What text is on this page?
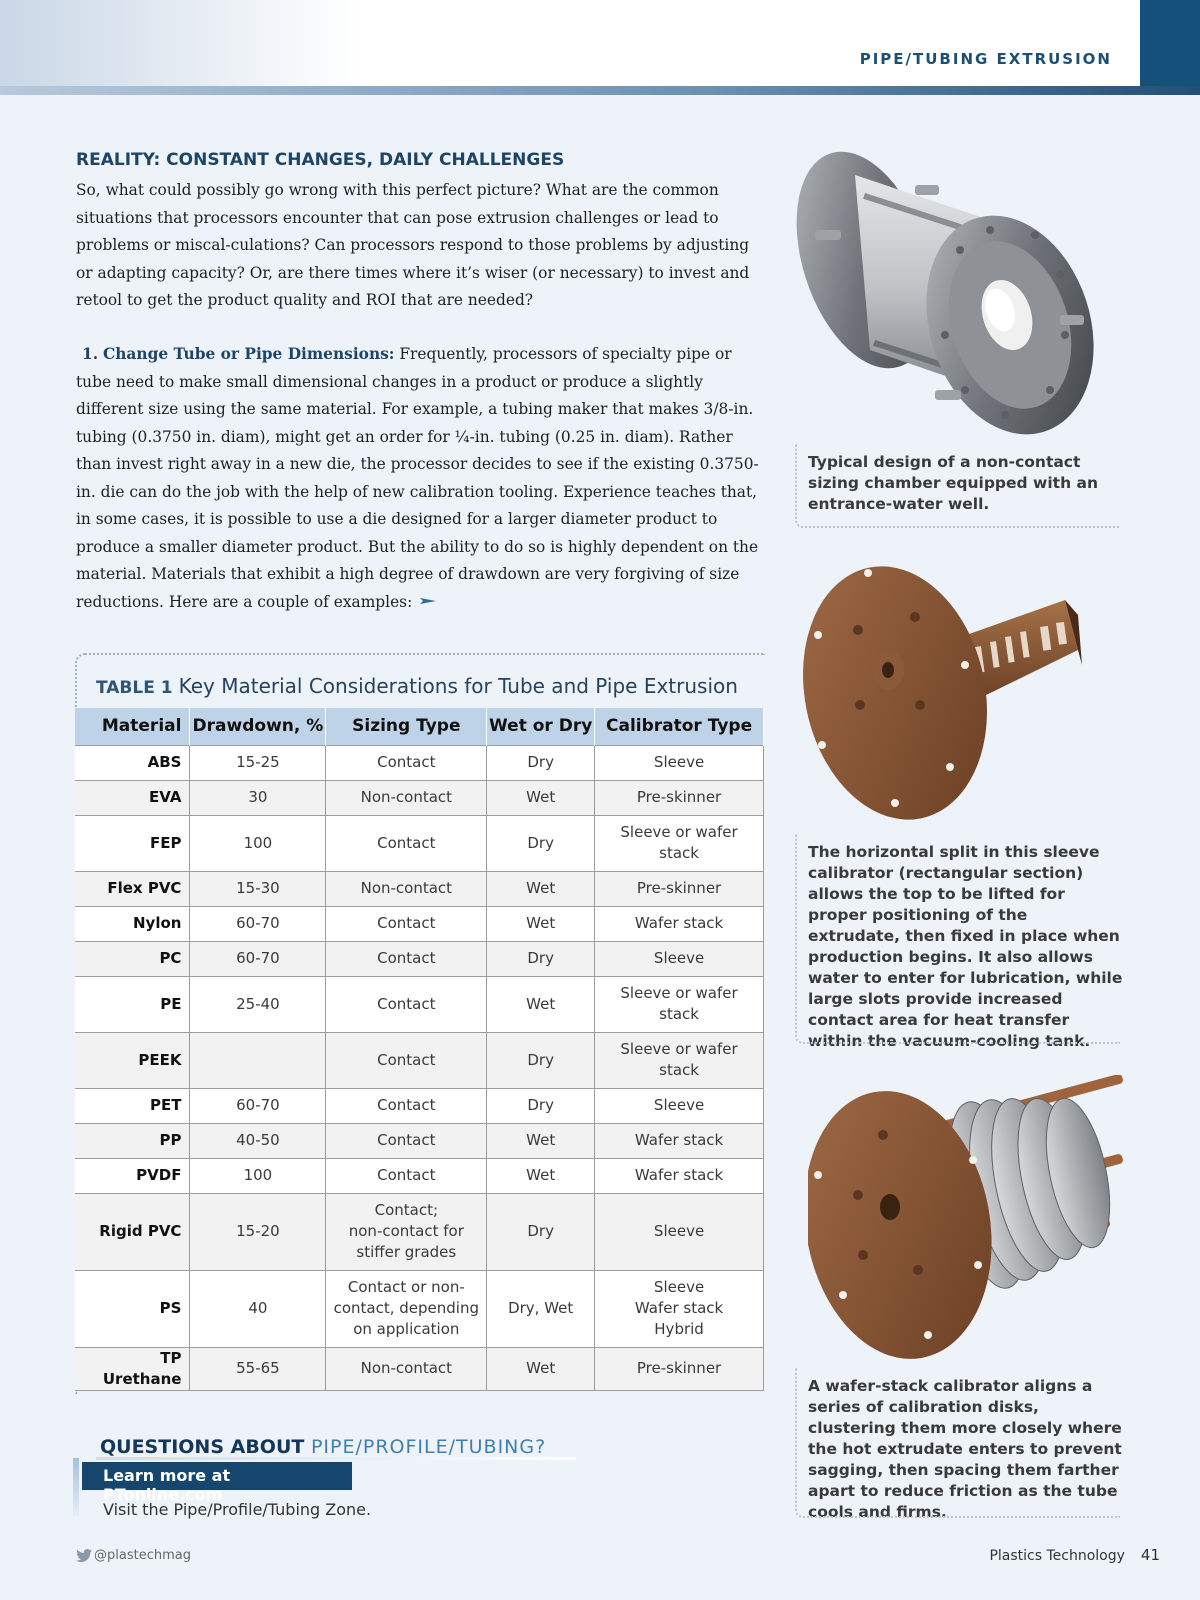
PIPE/TUBING EXTRUSION
REALITY: CONSTANT CHANGES, DAILY CHALLENGES

So, what could possibly go wrong with this perfect picture? What are the common situations that processors encounter that can pose extrusion challenges or lead to problems or miscal-culations? Can processors respond to those problems by adjusting or adapting capacity? Or, are there times where it’s wiser (or necessary) to invest and retool to get the product quality and ROI that are needed?

1. Change Tube or Pipe Dimensions: Frequently, processors of specialty pipe or tube need to make small dimensional changes in a product or produce a slightly different size using the same material. For example, a tubing maker that makes 3/8-in. tubing (0.3750 in. diam), might get an order for ¼-in. tubing (0.25 in. diam). Rather than invest right away in a new die, the processor decides to see if the existing 0.3750-in. die can do the job with the help of new calibration tooling. Experience teaches that, in some cases, it is possible to use a die designed for a larger diameter product to produce a smaller diameter product. But the ability to do so is highly dependent on the material. Materials that exhibit a high degree of drawdown are very forgiving of size reductions. Here are a couple of examples:

TABLE 1 Key Material Considerations for Tube and Pipe Extrusion
Material	Drawdown, %	Sizing Type	Wet or Dry	Calibrator Type
ABS	15-25	Contact	Dry	Sleeve
EVA	30	Non-contact	Wet	Pre-skinner
FEP	100	Contact	Dry	Sleeve or wafer stack
Flex PVC	15-30	Non-contact	Wet	Pre-skinner
Nylon	60-70	Contact	Wet	Wafer stack
PC	60-70	Contact	Dry	Sleeve
PE	25-40	Contact	Wet	Sleeve or wafer stack
PEEK		Contact	Dry	Sleeve or wafer stack
PET	60-70	Contact	Dry	Sleeve
PP	40-50	Contact	Wet	Wafer stack
PVDF	100	Contact	Wet	Wafer stack
Rigid PVC	15-20	Contact;
non-contact for
stiffer grades	Dry	Sleeve
PS	40	Contact or non-
contact, depending
on application	Dry, Wet	Sleeve
Wafer stack
Hybrid
TP Urethane	55-65	Non-contact	Wet	Pre-skinner
QUESTIONS ABOUT PIPE/PROFILE/TUBING?
Learn more at PTonline.com
Visit the Pipe/Profile/Tubing Zone.
@plastechmag	Plastics Technology 41
Typical design of a non-contact sizing chamber equipped with an entrance-water well.
The horizontal split in this sleeve calibrator (rectangular section) allows the top to be lifted for proper positioning of the extrudate, then fixed in place when production begins. It also allows water to enter for lubrication, while large slots provide increased contact area for heat transfer within the vacuum-cooling tank.
A wafer-stack calibrator aligns a series of calibration disks, clustering them more closely where the hot extrudate enters to prevent sagging, then spacing them farther apart to reduce friction as the tube cools and firms.
